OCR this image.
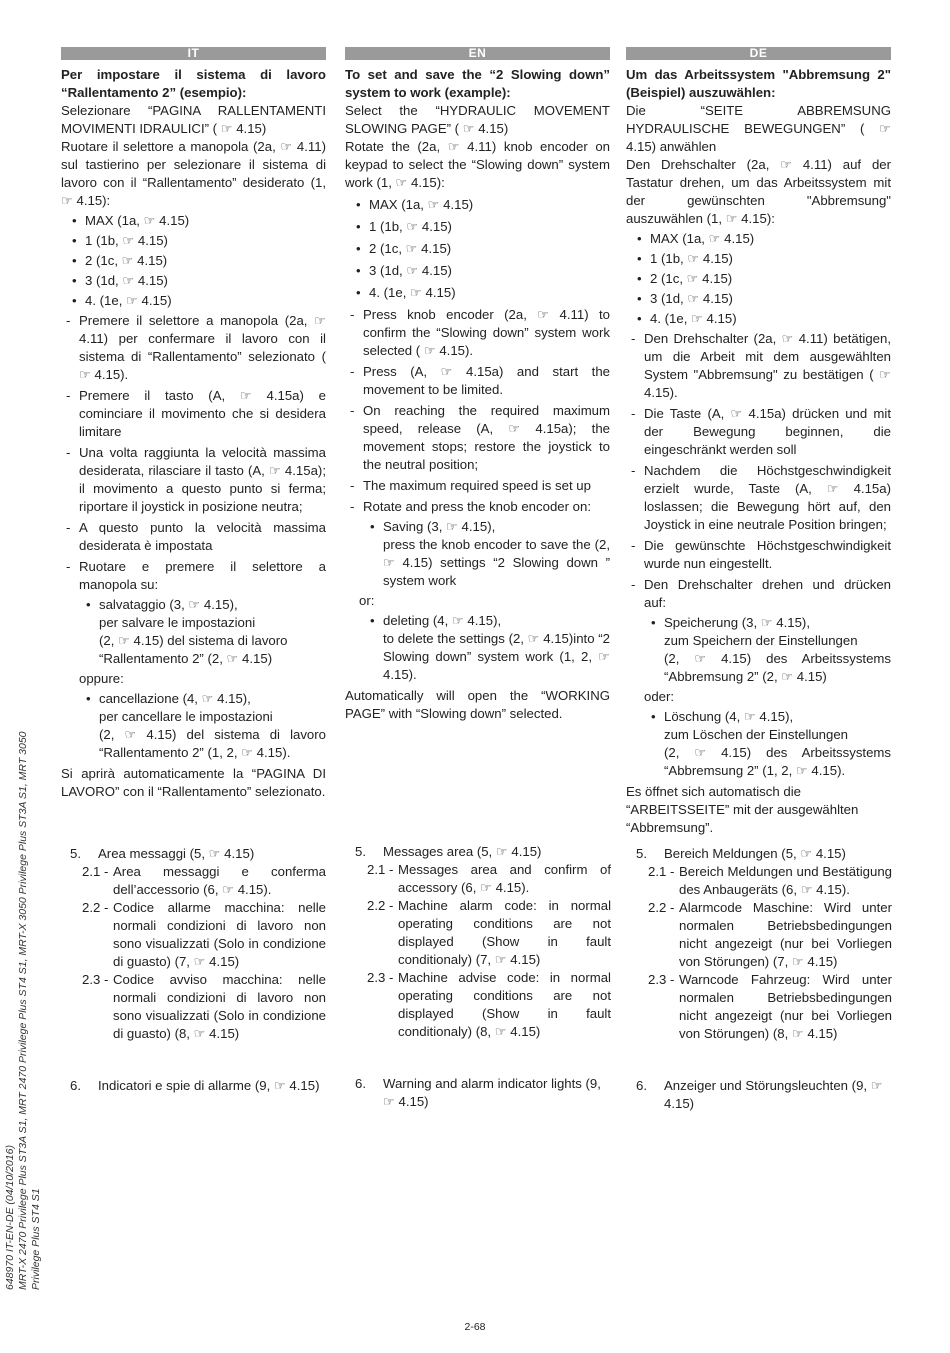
IT

Per impostare il sistema di lavoro “Rallentamento 2” (esempio):

Selezionare “PAGINA RALLENTAMENTI MOVIMENTI IDRAULICI” ( ☞ 4.15)

Ruotare il selettore a manopola (2a, ☞ 4.11) sul tastierino per selezionare il sistema di lavoro con il “Rallentamento” desiderato (1, ☞ 4.15):

• MAX (1a, ☞ 4.15)
• 1 (1b, ☞ 4.15)
• 2 (1c, ☞ 4.15)
• 3 (1d, ☞ 4.15)
• 4. (1e, ☞ 4.15)
- Premere il selettore a manopola (2a, ☞ 4.11) per confermare il lavoro con il sistema di “Rallentamento” selezionato ( ☞ 4.15).
- Premere il tasto (A, ☞ 4.15a) e cominciare il movimento che si desidera limitare
- Una volta raggiunta la velocità massima desiderata, rilasciare il tasto (A, ☞ 4.15a); il movimento a questo punto si ferma; riportare il joystick in posizione neutra;
- A questo punto la velocità massima desiderata è impostata
- Ruotare e premere il selettore a manopola su:
• salvataggio (3, ☞ 4.15),
per salvare le impostazioni
(2, ☞ 4.15) del sistema di lavoro
“Rallentamento 2” (2, ☞ 4.15)
oppure:
• cancellazione (4, ☞ 4.15),
per cancellare le impostazioni
(2, ☞ 4.15) del sistema di lavoro “Rallentamento 2” (1, 2, ☞ 4.15).

Si aprirà automaticamente la “PAGINA DI LAVORO” con il “Rallentamento” selezionato.

EN

To set and save the “2 Slowing down” system to work (example):

Select the “HYDRAULIC MOVEMENT SLOWING PAGE” ( ☞ 4.15)

Rotate the (2a, ☞ 4.11) knob encoder on keypad to select the “Slowing down” system work (1, ☞ 4.15):

• MAX (1a, ☞ 4.15)
• 1 (1b, ☞ 4.15)
• 2 (1c, ☞ 4.15)
• 3 (1d, ☞ 4.15)
• 4. (1e, ☞ 4.15)
- Press knob encoder (2a, ☞ 4.11) to confirm the “Slowing down” system work selected ( ☞ 4.15).
- Press (A, ☞ 4.15a) and start the movement to be limited.
- On reaching the required maximum speed, release (A, ☞ 4.15a); the movement stops; restore the joystick to the neutral position;
- The maximum required speed is set up
- Rotate and press the knob encoder on:
• Saving (3, ☞ 4.15),
press the knob encoder to save the (2, ☞ 4.15) settings “2 Slowing down ” system work
or:
• deleting (4, ☞ 4.15),
to delete the settings (2, ☞ 4.15)into “2 Slowing down” system work (1, 2, ☞ 4.15).

Automatically will open the “WORKING PAGE” with “Slowing down” selected.

DE

Um das Arbeitssystem "Abbremsung 2" (Beispiel) auszuwählen:

Die “SEITE ABBREMSUNG HYDRAULISCHE BEWEGUNGEN” ( ☞ 4.15) anwählen

Den Drehschalter (2a, ☞ 4.11) auf der Tastatur drehen, um das Arbeitssystem mit der gewünschten "Abbremsung" auszuwählen (1, ☞ 4.15):

• MAX (1a, ☞ 4.15)
• 1 (1b, ☞ 4.15)
• 2 (1c, ☞ 4.15)
• 3 (1d, ☞ 4.15)
• 4. (1e, ☞ 4.15)
- Den Drehschalter (2a, ☞ 4.11) betätigen, um die Arbeit mit dem ausgewählten System "Abbremsung" zu bestätigen ( ☞ 4.15).
- Die Taste (A, ☞ 4.15a) drücken und mit der Bewegung beginnen, die eingeschränkt werden soll
- Nachdem die Höchstgeschwindigkeit erzielt wurde, Taste (A, ☞ 4.15a) loslassen; die Bewegung hört auf, den Joystick in eine neutrale Position bringen;
- Die gewünschte Höchstgeschwindigkeit wurde nun eingestellt.
- Den Drehschalter drehen und drücken auf:
• Speicherung (3, ☞ 4.15),
zum Speichern der Einstellungen
(2, ☞ 4.15) des Arbeitssystems “Abbremsung 2” (2, ☞ 4.15)
oder:
• Löschung (4, ☞ 4.15),
zum Löschen der Einstellungen
(2, ☞ 4.15) des Arbeitssystems “Abbremsung 2” (1, 2, ☞ 4.15).

Es öffnet sich automatisch die “ARBEITSSEITE” mit der ausgewählten “Abbremsung”.

5. Area messaggi (5, ☞ 4.15)

2.1 - Area messaggi e conferma dell’accessorio (6, ☞ 4.15).

2.2 - Codice allarme macchina: nelle normali condizioni di lavoro non sono visualizzati (Solo in condizione di guasto) (7, ☞ 4.15)

2.3 - Codice avviso macchina: nelle normali condizioni di lavoro non sono visualizzati (Solo in condizione di guasto) (8, ☞ 4.15)

6. Indicatori e spie di allarme (9, ☞ 4.15)

5. Messages area (5, ☞ 4.15)

2.1 - Messages area and confirm of accessory (6, ☞ 4.15).

2.2 - Machine alarm code: in normal operating conditions are not displayed (Show in fault conditionaly) (7, ☞ 4.15)

2.3 - Machine advise code: in normal operating conditions are not displayed (Show in fault conditionaly) (8, ☞ 4.15)

6. Warning and alarm indicator lights (9, ☞ 4.15)

5. Bereich Meldungen (5, ☞ 4.15)

2.1 - Bereich Meldungen und Bestätigung des Anbaugeräts (6, ☞ 4.15).

2.2 - Alarmcode Maschine: Wird unter normalen Betriebsbedingungen nicht angezeigt (nur bei Vorliegen von Störungen) (7, ☞ 4.15)

2.3 - Warncode Fahrzeug: Wird unter normalen Betriebsbedingungen nicht angezeigt (nur bei Vorliegen von Störungen) (8, ☞ 4.15)

6. Anzeiger und Störungsleuchten (9, ☞ 4.15)

648970 IT-EN-DE (04/10/2016) MRT-X 2470 Privilege Plus ST3A S1, MRT 2470 Privilege Plus ST4 S1, MRT-X 3050 Privilege Plus ST3A S1, MRT 3050 Privilege Plus ST4 S1
2-68
